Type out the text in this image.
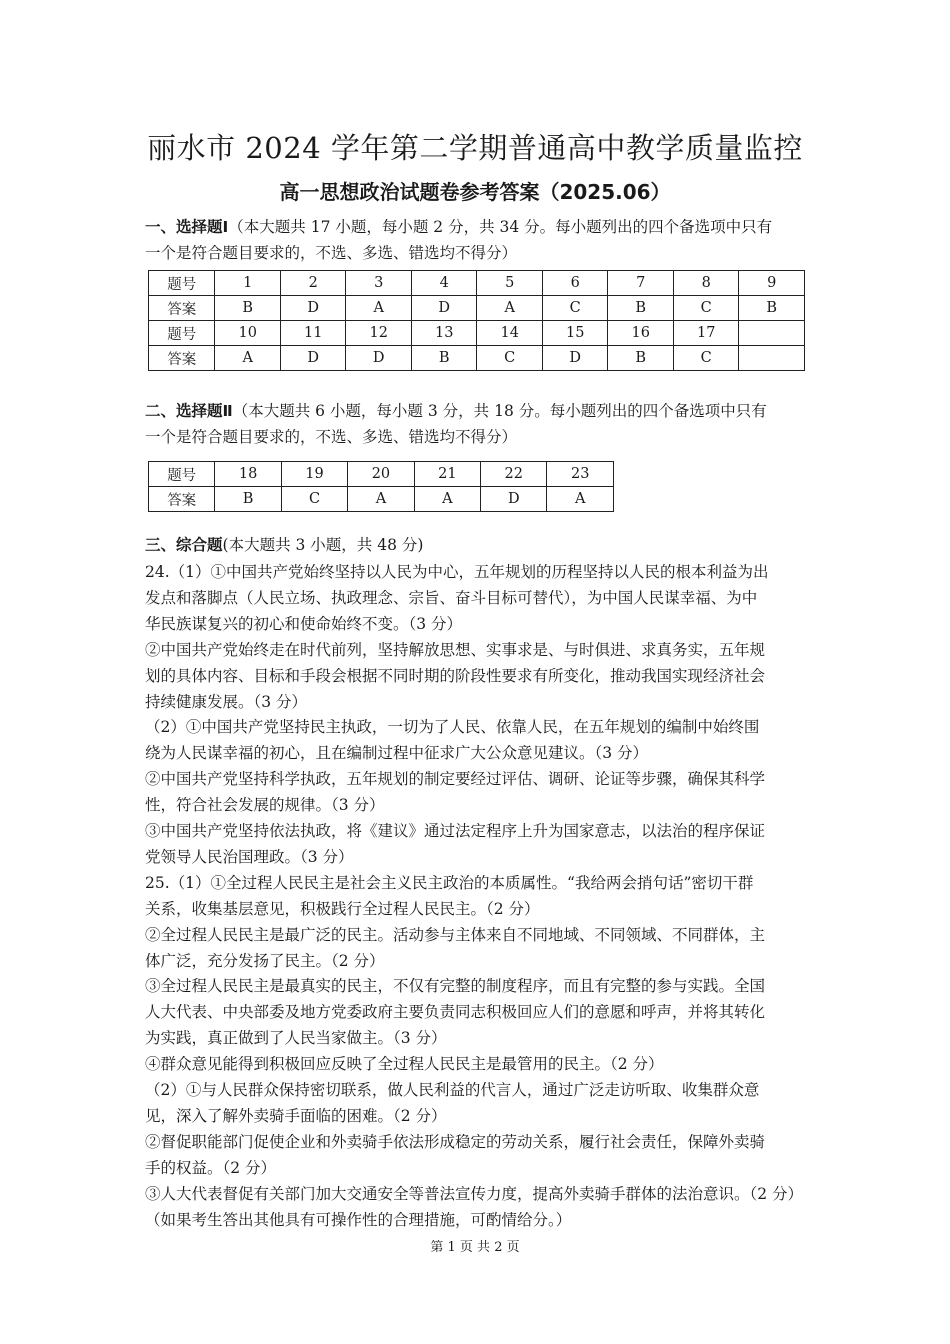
丽水市 2024 学年第二学期普通高中教学质量监控
高一思想政治试题卷参考答案（2025.06）

一、选择题Ⅰ（本大题共 17 小题，每小题 2 分，共 34 分。每小题列出的四个备选项中只有

一个是符合题目要求的，不选、多选、错选均不得分）

题号	1	2	3	4	5	6	7	8	9
答案	B	D	A	D	A	C	B	C	B
题号	10	11	12	13	14	15	16	17	
答案	A	D	D	B	C	D	B	C	

二、选择题Ⅱ（本大题共 6 小题，每小题 3 分，共 18 分。每小题列出的四个备选项中只有

一个是符合题目要求的，不选、多选、错选均不得分）

题号	18	19	20	21	22	23
答案	B	C	A	A	D	A

三、综合题(本大题共 3 小题，共 48 分)

24.（1）①中国共产党始终坚持以人民为中心，五年规划的历程坚持以人民的根本利益为出

发点和落脚点（人民立场、执政理念、宗旨、奋斗目标可替代），为中国人民谋幸福、为中

华民族谋复兴的初心和使命始终不变。（3 分）

②中国共产党始终走在时代前列，坚持解放思想、实事求是、与时俱进、求真务实，五年规

划的具体内容、目标和手段会根据不同时期的阶段性要求有所变化，推动我国实现经济社会

持续健康发展。（3 分）

（2）①中国共产党坚持民主执政，一切为了人民、依靠人民，在五年规划的编制中始终围

绕为人民谋幸福的初心，且在编制过程中征求广大公众意见建议。（3 分）

②中国共产党坚持科学执政，五年规划的制定要经过评估、调研、论证等步骤，确保其科学

性，符合社会发展的规律。（3 分）

③中国共产党坚持依法执政，将《建议》通过法定程序上升为国家意志，以法治的程序保证

党领导人民治国理政。（3 分）

25.（1）①全过程人民民主是社会主义民主政治的本质属性。“我给两会捎句话”密切干群

关系，收集基层意见，积极践行全过程人民民主。（2 分）

②全过程人民民主是最广泛的民主。活动参与主体来自不同地域、不同领域、不同群体，主

体广泛，充分发扬了民主。（2 分）

③全过程人民民主是最真实的民主，不仅有完整的制度程序，而且有完整的参与实践。全国

人大代表、中央部委及地方党委政府主要负责同志积极回应人们的意愿和呼声，并将其转化

为实践，真正做到了人民当家做主。（3 分）

④群众意见能得到积极回应反映了全过程人民民主是最管用的民主。（2 分）

（2）①与人民群众保持密切联系，做人民利益的代言人，通过广泛走访听取、收集群众意

见，深入了解外卖骑手面临的困难。（2 分）

②督促职能部门促使企业和外卖骑手依法形成稳定的劳动关系，履行社会责任，保障外卖骑

手的权益。（2 分）

③人大代表督促有关部门加大交通安全等普法宣传力度，提高外卖骑手群体的法治意识。（2 分）

（如果考生答出其他具有可操作性的合理措施，可酌情给分。）

第 1 页 共 2 页
